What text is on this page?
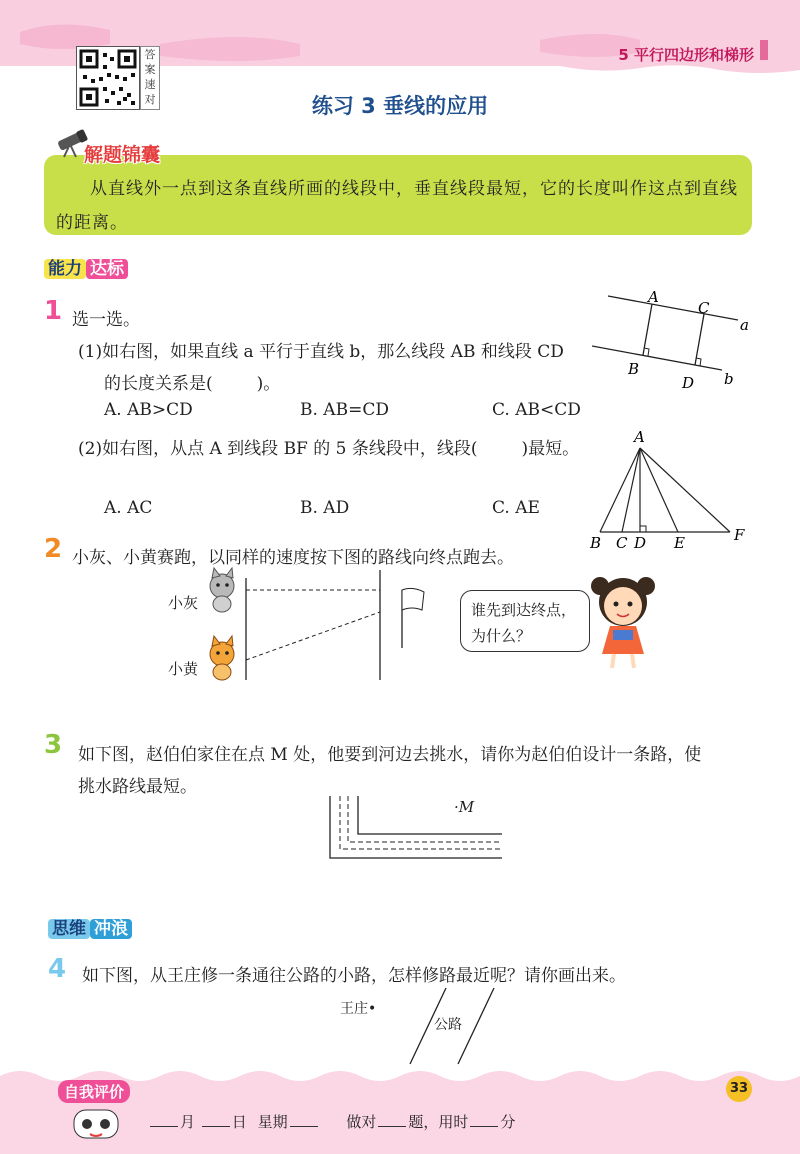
答案速对
5 平行四边形和梯形
练习 3 垂线的应用
解题锦囊
从直线外一点到这条直线所画的线段中，垂直线段最短，它的长度叫作这点到直线的距离。
能力 达标
1 选一选。
(1)如右图，如果直线 a 平行于直线 b，那么线段 AB 和线段 CD
的长度关系是(	)。
A. AB>CD	B. AB=CD	C. AB<CD
(2)如右图，从点 A 到线段 BF 的 5 条线段中，线段(	)最短。
A. AC	B. AD	C. AE
A
C
a
B
D b
A
B C D E	F
2 小灰、小黄赛跑，以同样的速度按下图的路线向终点跑去。
小灰
小黄
谁先到达终点，
为什么？
3 如下图，赵伯伯家住在点 M 处，他要到河边去挑水，请你为赵伯伯设计一条路，使
挑水路线最短。
·M
思维 冲浪
4 如下图，从王庄修一条通往公路的小路，怎样修路最近呢？请你画出来。
王庄•
公路
自我评价
月 日 星期	做对 题，用时 分
33
